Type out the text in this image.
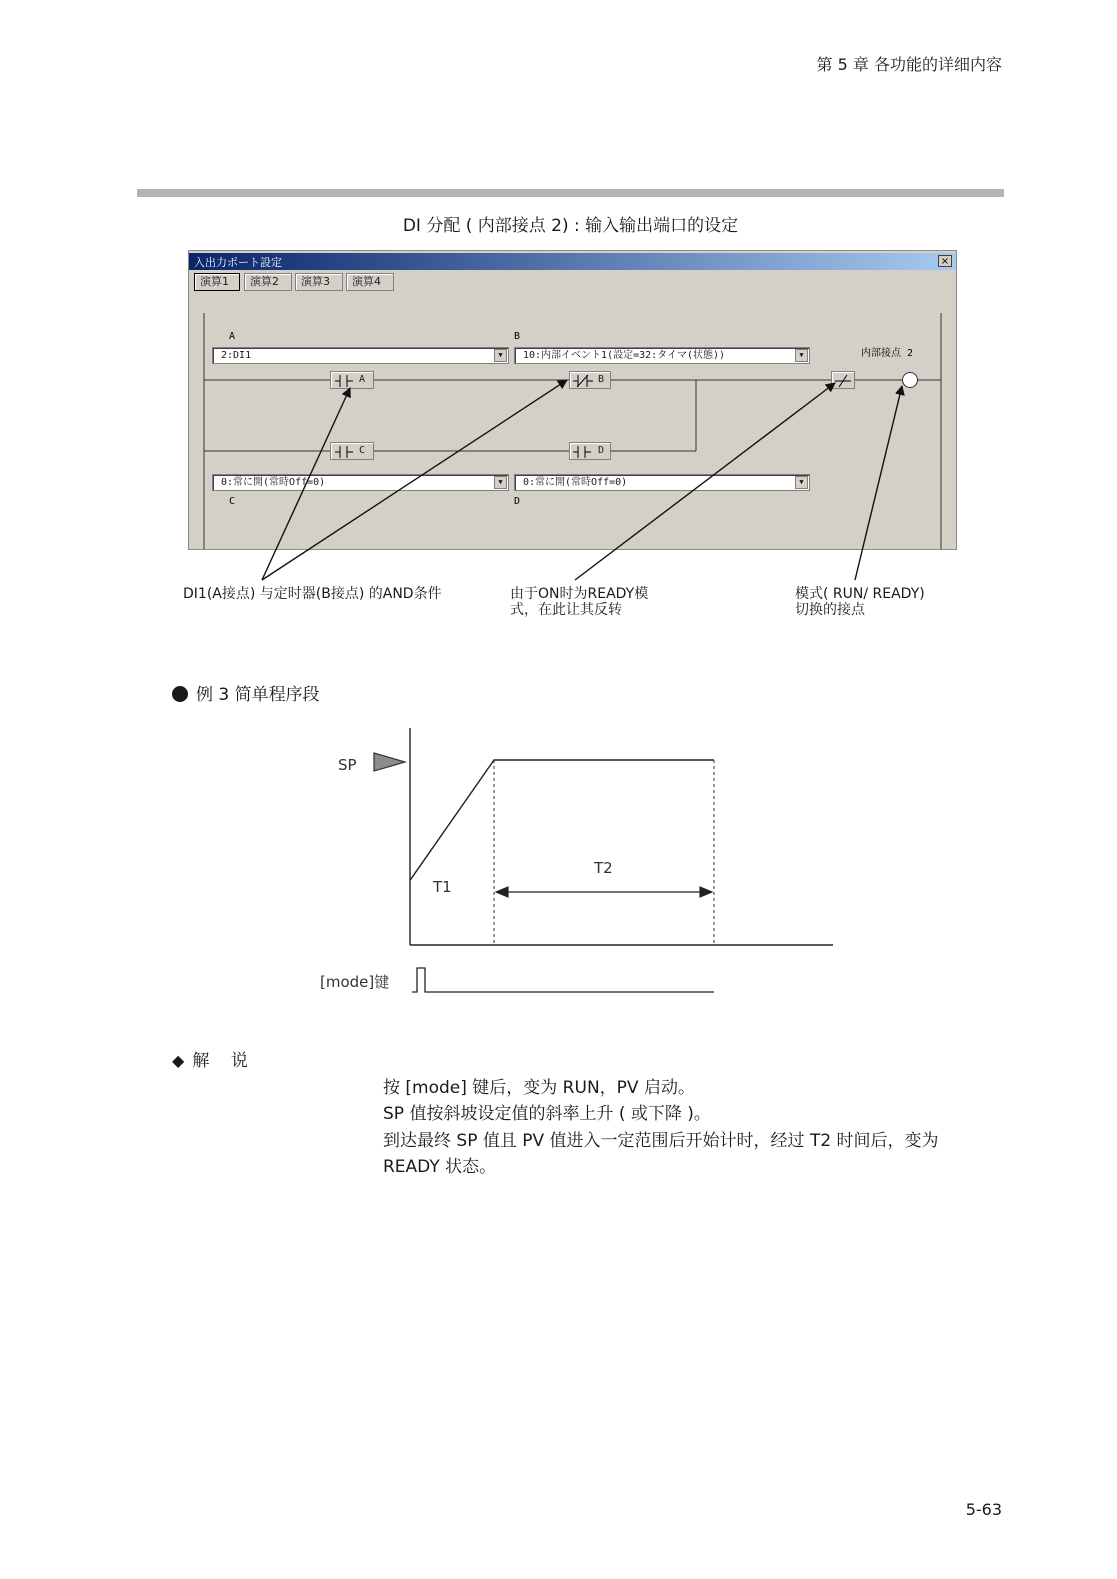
第 5 章 各功能的详细内容
DI 分配 ( 内部接点 2) : 输入输出端口的设定
入出力ポート設定	×
演算1	演算2	演算3	演算4
A	B
C	D
2:DI1	▼	10:内部イベント1(設定=32:タイマ(状態))	▼
0:常に開(常時Off=0)	▼	0:常に開(常時Off=0)	▼
A	B
C	D
内部接点 2
DI1(A接点) 与定时器(B接点) 的AND条件	由于ON时为READY模
式，在此让其反转
模式( RUN/ READY)
切换的接点
例 3 简单程序段
SP
T1
T2
[mode]键
◆ 解    说
按 [mode] 键后，变为 RUN，PV 启动。
SP 值按斜坡设定值的斜率上升 ( 或下降 )。
到达最终 SP 值且 PV 值进入一定范围后开始计时，经过 T2 时间后，变为
READY 状态。
5-63
